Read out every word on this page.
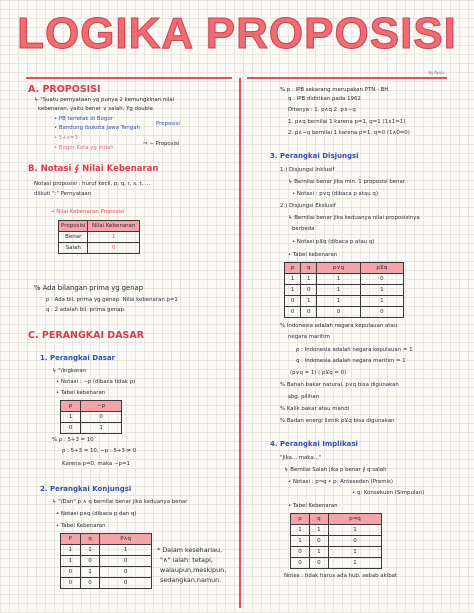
LOGIKA PROPOSISI
by.Ayuu
A. PROPOSISI
↳ "Suatu pernyataan yg punya 2 kemungkinan nilai
kebenaran, yaitu benar ∨ salah. Yg double
• PB terletak di Bogor
• Bandung ibukota Jawa Tengah
• 5+x=3
• Bogor Kota yg Indah
Proposisi
⇒ ∼ Proposisi
B. Notasi ∮ Nilai Kebenaran
Notasi proposisi : huruf kecil, p, q, r, s, t, ...
diikuti ":" Pernyataan
→ Nilai Kebenaran Proposisi
Proposisi	Nilai Kebenaran
Benar	1
Salah	0
% Ada bilangan prima yg genap
p : Ada bil. prima yg genap. Nilai kebenaran p=1
q : 2 adalah bil. prima genap.
C. PERANGKAI DASAR
1. Perangkai Dasar
↳ "/ingkaran
• Notasi : ∼p (dibaca tidak p)
• Tabel kebenaran
p	∼p
1	0
0	1
% p : 5+3 = 10
p : 5+3 = 10, ∼p : 5+3 ≠ 0
Karena p=0, maka ∼p=1
2. Perangkai Konjungsi
↳ "/Dan" p ∧ q bernilai benar jika keduanya benar
• Notasi p∧q (dibaca p dan q)
• Tabel Kebenaran
P	q	P∧q
1	1	1
1	0	0
0	1	0
0	0	0
* Dalam kesehariau,
"∧" ialah: tetapi,
walaupun,meskipun,
sedangkan,namun.
% p : IPB sekarang merupakan PTN - BH
q : IPB didirikan pada 1962
Ditanya : 1. p∧q 2. p∧∼q
1. p∧q bernilai 1 karena p=1, q=1 (1∧1=1)
2. p∧∼q bernilai 1 karena p=1, q=0 (1∧0=0)
3. Perangkai Disjungsi
1.) Disjungsi Inklusif
↳ Bernilai benar jika min. 1 proposisi benar
• Notasi : p∨q (dibaca p atau q)
2.) Disjungsi Ekslusif
↳ Bernilai benar jika keduanya nilai proposisinya
berbeda
• Notasi p⊻q (dibaca p atau q)
• Tabel kebenaran
p	q	p∨q	p⊻q
1	1	1	0
1	0	1	1
0	1	1	1
0	0	0	0
% Indonesia adalah negara kepulauan atau
negara maritim
p : Indonesia adalah negara kepulauan = 1
q : Indonesia adalah negara maritim = 1
(p∨q = 1) ( p⊻q = 0)
% Bahan bakar natural, p∨q bisa digunakan
sbg. pilihan
% Kalik bakar atau mandi
% Badan energi listrik p⊻q bisa digunakan
4. Perangkai Implikasi
"Jika... maka..."
↳ Bernilai Salah jika p benar ∮ q salah
• Notasi : p⇒q • p: Anteseden (Premis)
• q: Konsekuen (Simpulan)
• Tabel Kebenaran
p	q	p⇒q
1	1	1
1	0	0
0	1	1
0	0	1
Notes : tidak harus ada hub. sebab akibat
